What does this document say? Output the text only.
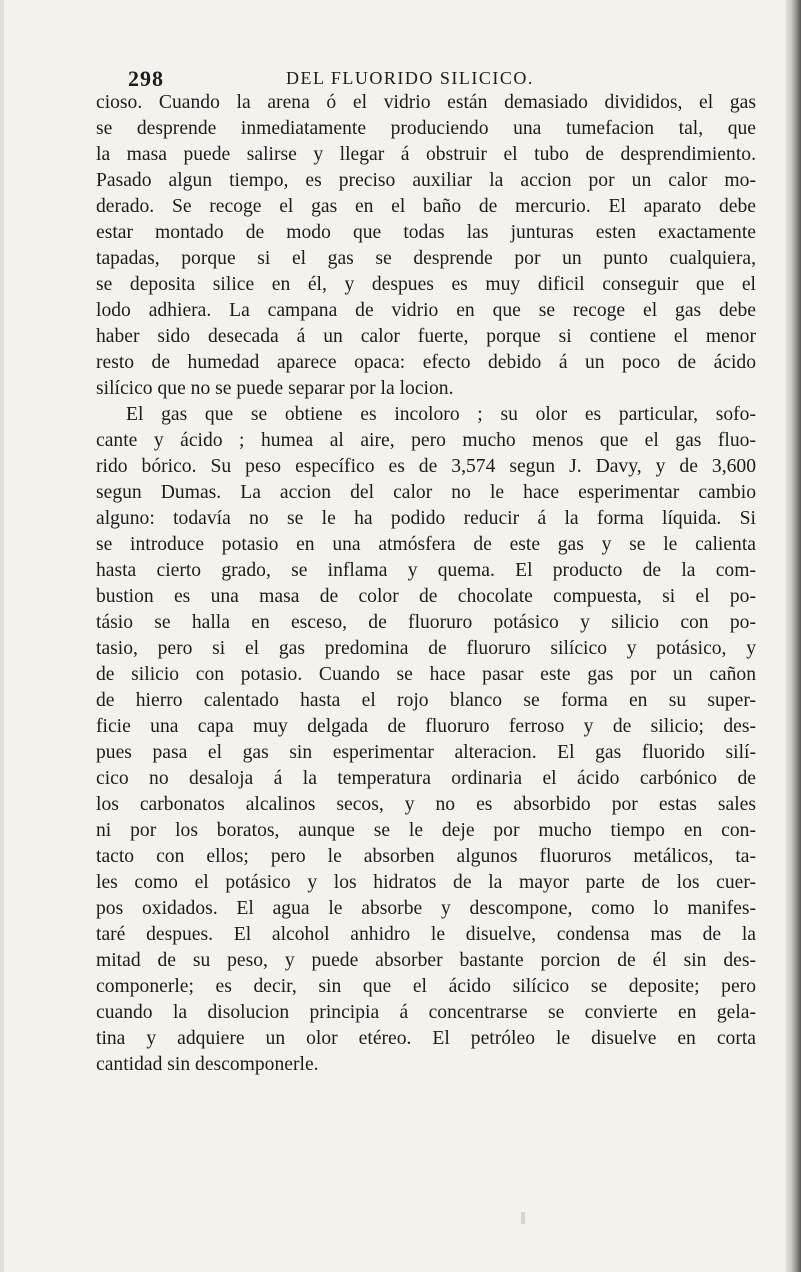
298	DEL FLUORIDO SILICICO.
cioso. Cuando la arena ó el vidrio están demasiado divididos, el gas
se desprende inmediatamente produciendo una tumefacion tal, que
la masa puede salirse y llegar á obstruir el tubo de desprendimiento.
Pasado algun tiempo, es preciso auxiliar la accion por un calor mo-
derado. Se recoge el gas en el baño de mercurio. El aparato debe
estar montado de modo que todas las junturas esten exactamente
tapadas, porque si el gas se desprende por un punto cualquiera,
se deposita silice en él, y despues es muy dificil conseguir que el
lodo adhiera. La campana de vidrio en que se recoge el gas debe
haber sido desecada á un calor fuerte, porque si contiene el menor
resto de humedad aparece opaca: efecto debido á un poco de ácido
silícico que no se puede separar por la locion.
El gas que se obtiene es incoloro ; su olor es particular, sofo-
cante y ácido ; humea al aire, pero mucho menos que el gas fluo-
rido bórico. Su peso específico es de 3,574 segun J. Davy, y de 3,600
segun Dumas. La accion del calor no le hace esperimentar cambio
alguno: todavía no se le ha podido reducir á la forma líquida. Si
se introduce potasio en una atmósfera de este gas y se le calienta
hasta cierto grado, se inflama y quema. El producto de la com-
bustion es una masa de color de chocolate compuesta, si el po-
tásio se halla en esceso, de fluoruro potásico y silicio con po-
tasio, pero si el gas predomina de fluoruro silícico y potásico, y
de silicio con potasio. Cuando se hace pasar este gas por un cañon
de hierro calentado hasta el rojo blanco se forma en su super-
ficie una capa muy delgada de fluoruro ferroso y de silicio; des-
pues pasa el gas sin esperimentar alteracion. El gas fluorido silí-
cico no desaloja á la temperatura ordinaria el ácido carbónico de
los carbonatos alcalinos secos, y no es absorbido por estas sales
ni por los boratos, aunque se le deje por mucho tiempo en con-
tacto con ellos; pero le absorben algunos fluoruros metálicos, ta-
les como el potásico y los hidratos de la mayor parte de los cuer-
pos oxidados. El agua le absorbe y descompone, como lo manifes-
taré despues. El alcohol anhidro le disuelve, condensa mas de la
mitad de su peso, y puede absorber bastante porcion de él sin des-
componerle; es decir, sin que el ácido silícico se deposite; pero
cuando la disolucion principia á concentrarse se convierte en gela-
tina y adquiere un olor etéreo. El petróleo le disuelve en corta
cantidad sin descomponerle.
